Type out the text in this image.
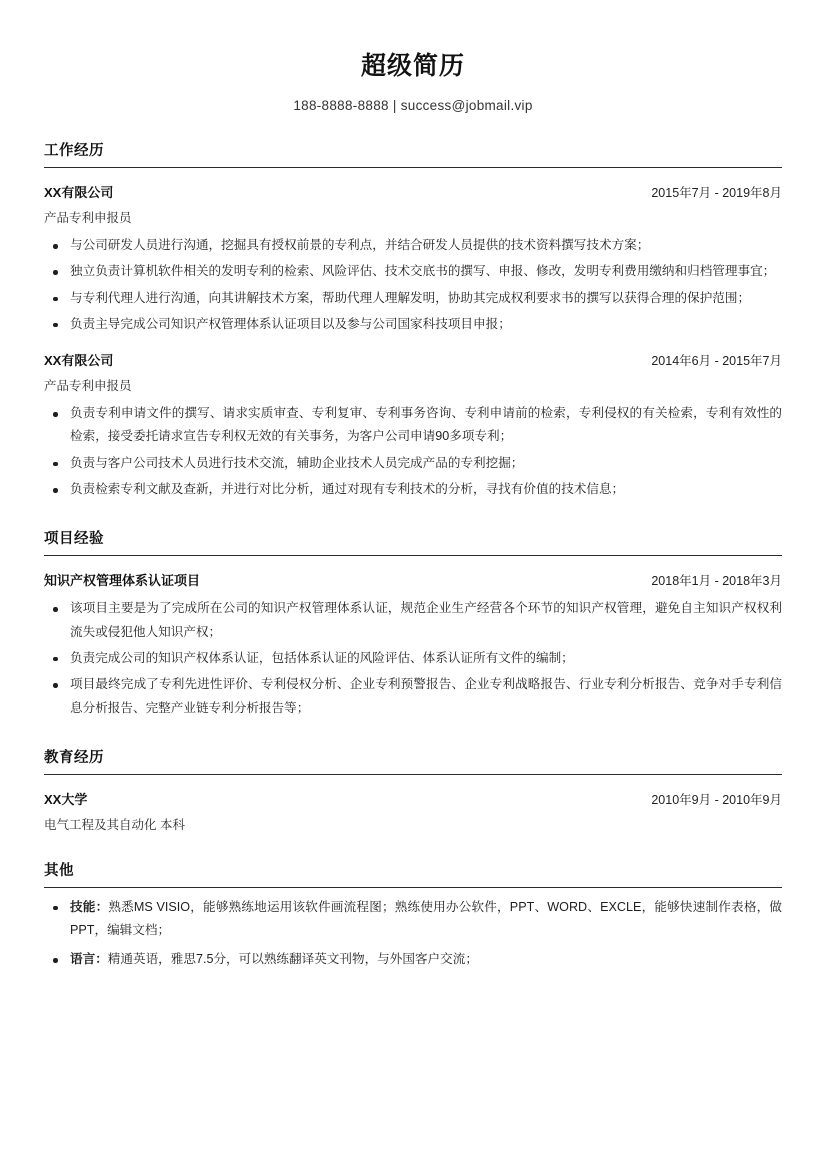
超级简历
188-8888-8888 | success@jobmail.vip
工作经历
XX有限公司	2015年7月 - 2019年8月
产品专利申报员
与公司研发人员进行沟通，挖掘具有授权前景的专利点，并结合研发人员提供的技术资料撰写技术方案；
独立负责计算机软件相关的发明专利的检索、风险评估、技术交底书的撰写、申报、修改，发明专利费用缴纳和归档管理事宜；
与专利代理人进行沟通，向其讲解技术方案，帮助代理人理解发明，协助其完成权利要求书的撰写以获得合理的保护范围；
负责主导完成公司知识产权管理体系认证项目以及参与公司国家科技项目申报；
XX有限公司	2014年6月 - 2015年7月
产品专利申报员
负责专利申请文件的撰写、请求实质审查、专利复审、专利事务咨询、专利申请前的检索，专利侵权的有关检索，专利有效性的检索，接受委托请求宣告专利权无效的有关事务，为客户公司申请90多项专利；
负责与客户公司技术人员进行技术交流，辅助企业技术人员完成产品的专利挖掘；
负责检索专利文献及查新，并进行对比分析，通过对现有专利技术的分析，寻找有价值的技术信息；
项目经验
知识产权管理体系认证项目	2018年1月 - 2018年3月
该项目主要是为了完成所在公司的知识产权管理体系认证，规范企业生产经营各个环节的知识产权管理，避免自主知识产权权利流失或侵犯他人知识产权；
负责完成公司的知识产权体系认证，包括体系认证的风险评估、体系认证所有文件的编制；
项目最终完成了专利先进性评价、专利侵权分析、企业专利预警报告、企业专利战略报告、行业专利分析报告、竞争对手专利信息分析报告、完整产业链专利分析报告等；
教育经历
XX大学	2010年9月 - 2010年9月
电气工程及其自动化 本科
其他
技能：熟悉MS VISIO，能够熟练地运用该软件画流程图；熟练使用办公软件，PPT、WORD、EXCLE，能够快速制作表格，做PPT，编辑文档；
语言：精通英语，雅思7.5分，可以熟练翻译英文刊物，与外国客户交流；
